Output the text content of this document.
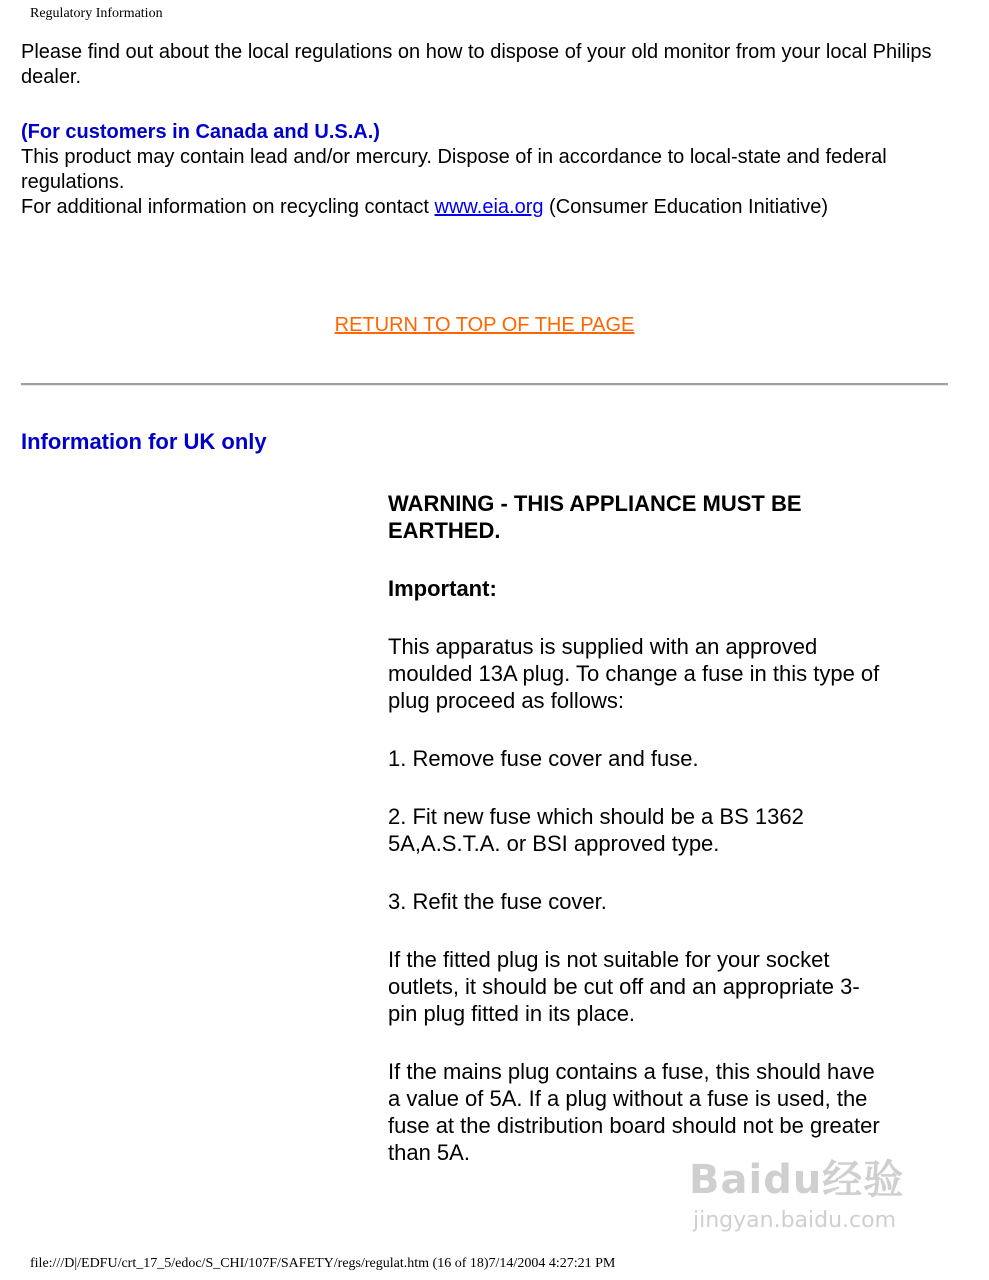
Regulatory Information

Please find out about the local regulations on how to dispose of your old monitor from your local Philips dealer.

(For customers in Canada and U.S.A.)
This product may contain lead and/or mercury. Dispose of in accordance to local-state and federal regulations.
For additional information on recycling contact www.eia.org (Consumer Education Initiative)
RETURN TO TOP OF THE PAGE
Information for UK only

WARNING - THIS APPLIANCE MUST BE EARTHED.

Important:

This apparatus is supplied with an approved moulded 13A plug. To change a fuse in this type of plug proceed as follows:

1. Remove fuse cover and fuse.

2. Fit new fuse which should be a BS 1362 5A,A.S.T.A. or BSI approved type.

3. Refit the fuse cover.

If the fitted plug is not suitable for your socket outlets, it should be cut off and an appropriate 3-pin plug fitted in its place.

If the mains plug contains a fuse, this should have a value of 5A. If a plug without a fuse is used, the fuse at the distribution board should not be greater than 5A.

Baidu经验
jingyan.baidu.com
file:///D|/EDFU/crt_17_5/edoc/S_CHI/107F/SAFETY/regs/regulat.htm (16 of 18)7/14/2004 4:27:21 PM
